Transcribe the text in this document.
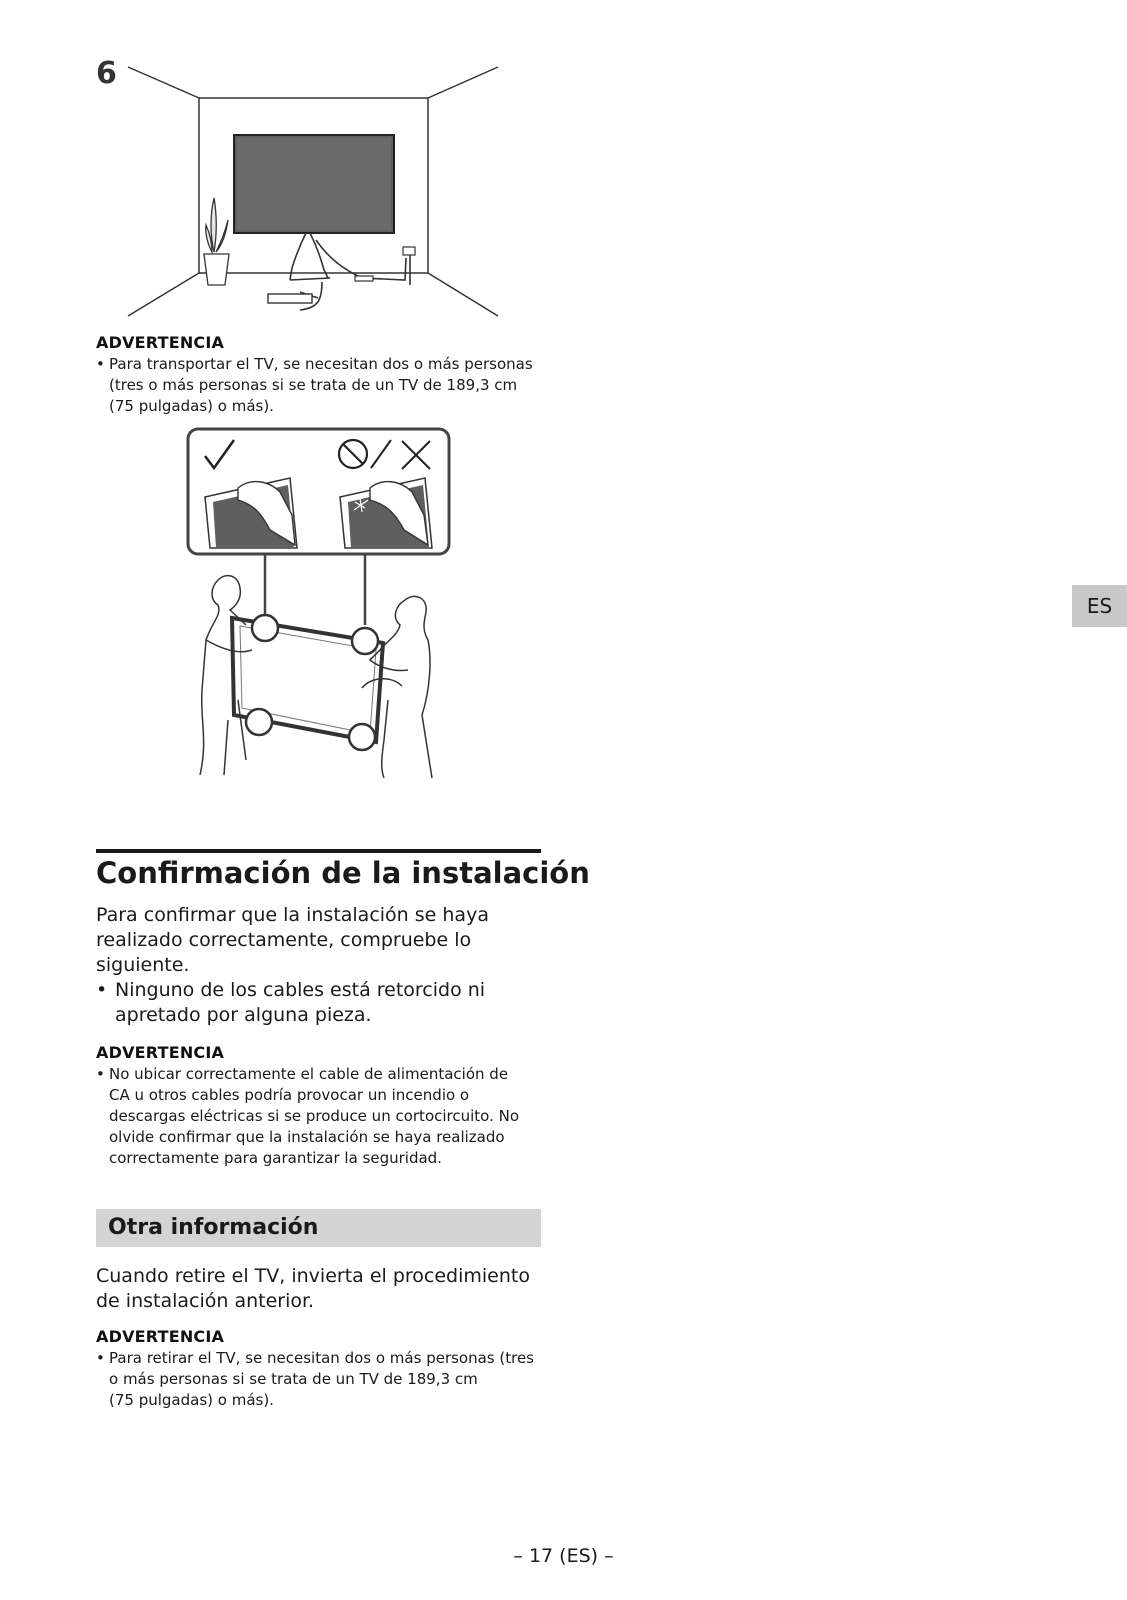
6
ADVERTENCIA
• Para transportar el TV, se necesitan dos o más personas
(tres o más personas si se trata de un TV de 189,3 cm
(75 pulgadas) o más).
Confirmación de la instalación
Para confirmar que la instalación se haya
realizado correctamente, compruebe lo
siguiente.
• Ninguno de los cables está retorcido ni
apretado por alguna pieza.
ADVERTENCIA
• No ubicar correctamente el cable de alimentación de
CA u otros cables podría provocar un incendio o
descargas eléctricas si se produce un cortocircuito. No
olvide confirmar que la instalación se haya realizado
correctamente para garantizar la seguridad.
Otra información
Cuando retire el TV, invierta el procedimiento
de instalación anterior.
ADVERTENCIA
• Para retirar el TV, se necesitan dos o más personas (tres
o más personas si se trata de un TV de 189,3 cm
(75 pulgadas) o más).
ES
– 17 (ES) –
